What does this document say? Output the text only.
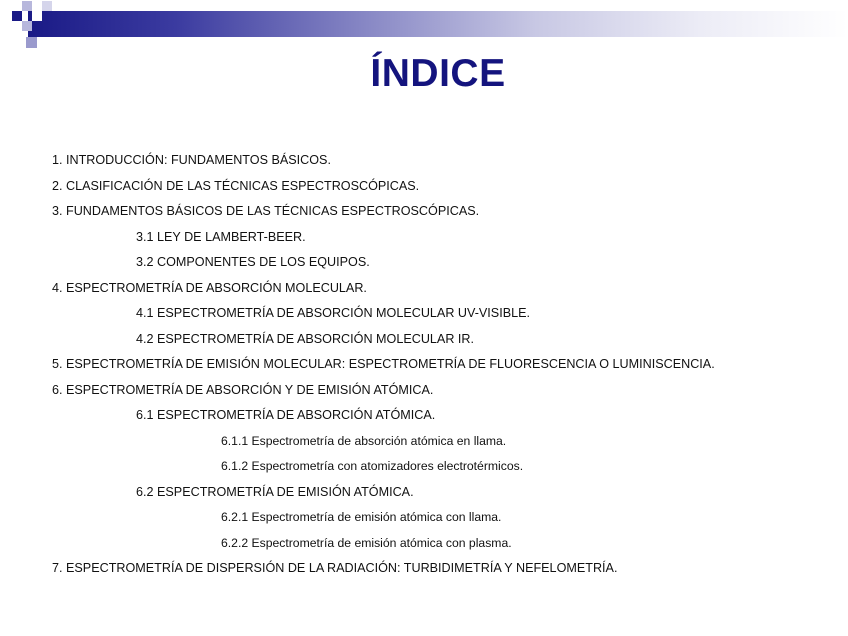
ÍNDICE
1. INTRODUCCIÓN: FUNDAMENTOS BÁSICOS.
2. CLASIFICACIÓN DE LAS TÉCNICAS ESPECTROSCÓPICAS.
3. FUNDAMENTOS BÁSICOS DE LAS TÉCNICAS ESPECTROSCÓPICAS.
3.1 LEY DE LAMBERT-BEER.
3.2 COMPONENTES DE LOS EQUIPOS.
4. ESPECTROMETRÍA DE ABSORCIÓN MOLECULAR.
4.1 ESPECTROMETRÍA DE ABSORCIÓN MOLECULAR UV-VISIBLE.
4.2 ESPECTROMETRÍA DE ABSORCIÓN MOLECULAR IR.
5. ESPECTROMETRÍA DE EMISIÓN MOLECULAR: ESPECTROMETRÍA DE FLUORESCENCIA O LUMINISCENCIA.
6. ESPECTROMETRÍA DE ABSORCIÓN Y DE EMISIÓN ATÓMICA.
6.1 ESPECTROMETRÍA DE ABSORCIÓN ATÓMICA.
6.1.1 Espectrometría de absorción atómica en llama.
6.1.2 Espectrometría con atomizadores electrotérmicos.
6.2 ESPECTROMETRÍA DE EMISIÓN ATÓMICA.
6.2.1 Espectrometría de emisión atómica con llama.
6.2.2 Espectrometría de emisión atómica con plasma.
7. ESPECTROMETRÍA DE DISPERSIÓN DE LA RADIACIÓN: TURBIDIMETRÍA Y NEFELOMETRÍA.
